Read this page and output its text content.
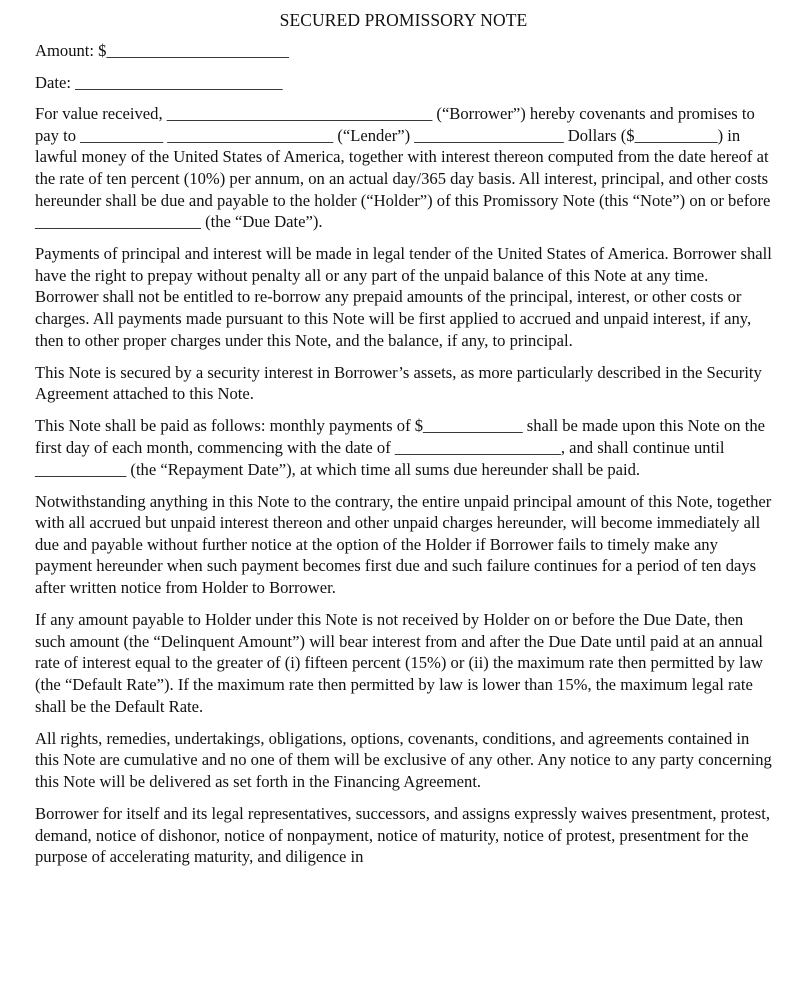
SECURED PROMISSORY NOTE

Amount: $______________________

Date: _________________________

For value received, ________________________________ (“Borrower”) hereby covenants and promises to pay to __________ ____________________ (“Lender”) __________________ Dollars ($__________) in lawful money of the United States of America, together with interest thereon computed from the date hereof at the rate of ten percent (10%) per annum, on an actual day/365 day basis. All interest, principal, and other costs hereunder shall be due and payable to the holder (“Holder”) of this Promissory Note (this “Note”) on or before ____________________ (the “Due Date”).

Payments of principal and interest will be made in legal tender of the United States of America. Borrower shall have the right to prepay without penalty all or any part of the unpaid balance of this Note at any time. Borrower shall not be entitled to re-borrow any prepaid amounts of the principal, interest, or other costs or charges. All payments made pursuant to this Note will be first applied to accrued and unpaid interest, if any, then to other proper charges under this Note, and the balance, if any, to principal.

This Note is secured by a security interest in Borrower’s assets, as more particularly described in the Security Agreement attached to this Note.

This Note shall be paid as follows: monthly payments of $____________ shall be made upon this Note on the first day of each month, commencing with the date of ____________________, and shall continue until ___________ (the “Repayment Date”), at which time all sums due hereunder shall be paid.

Notwithstanding anything in this Note to the contrary, the entire unpaid principal amount of this Note, together with all accrued but unpaid interest thereon and other unpaid charges hereunder, will become immediately all due and payable without further notice at the option of the Holder if Borrower fails to timely make any payment hereunder when such payment becomes first due and such failure continues for a period of ten days after written notice from Holder to Borrower.

If any amount payable to Holder under this Note is not received by Holder on or before the Due Date, then such amount (the “Delinquent Amount”) will bear interest from and after the Due Date until paid at an annual rate of interest equal to the greater of (i) fifteen percent (15%) or (ii) the maximum rate then permitted by law (the “Default Rate”). If the maximum rate then permitted by law is lower than 15%, the maximum legal rate shall be the Default Rate.

All rights, remedies, undertakings, obligations, options, covenants, conditions, and agreements contained in this Note are cumulative and no one of them will be exclusive of any other. Any notice to any party concerning this Note will be delivered as set forth in the Financing Agreement.

Borrower for itself and its legal representatives, successors, and assigns expressly waives presentment, protest, demand, notice of dishonor, notice of nonpayment, notice of maturity, notice of protest, presentment for the purpose of accelerating maturity, and diligence in
